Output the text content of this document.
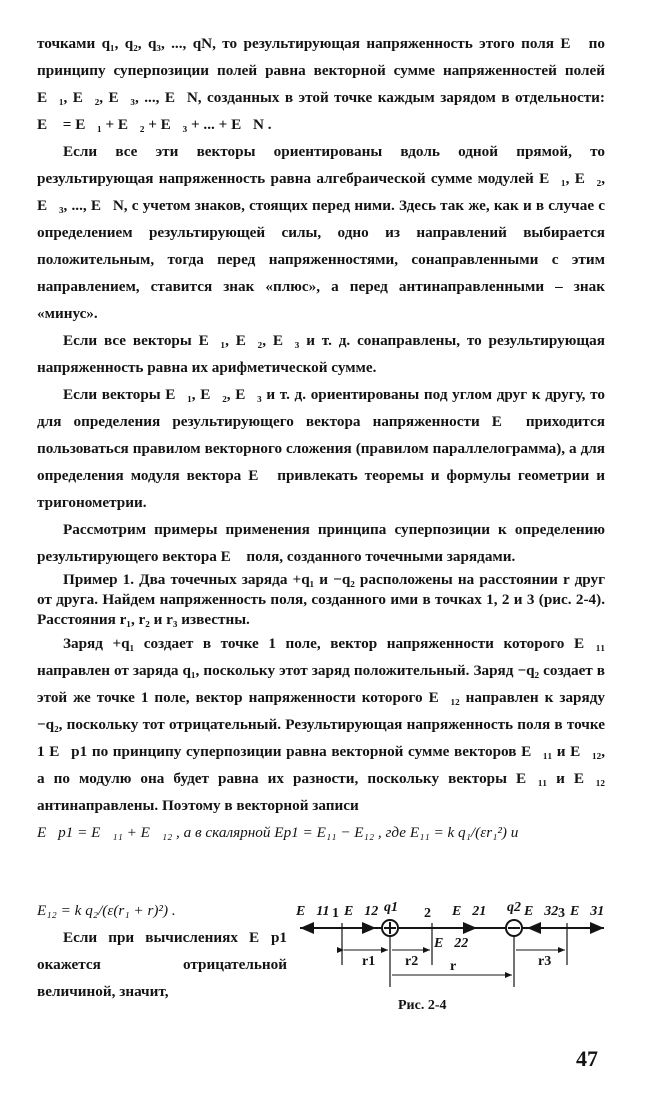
точками q₁, q₂, q₃, ..., qN, то результирующая напряженность этого поля E⃗ по принципу суперпозиции полей равна векторной сумме напряженностей полей E⃗₁, E⃗₂, E⃗₃, ..., E⃗N, созданных в этой точке каждым зарядом в отдельности: E⃗ = E⃗₁ + E⃗₂ + E⃗₃ + ... + E⃗N .

Если все эти векторы ориентированы вдоль одной прямой, то результирующая напряженность равна алгебраической сумме модулей E⃗₁, E⃗₂, E⃗₃, ..., E⃗N, с учетом знаков, стоящих перед ними. Здесь так же, как и в случае с определением результирующей силы, одно из направлений выбирается положительным, тогда перед напряженностями, сонаправленными с этим направлением, ставится знак «плюс», а перед антинаправленными – знак «минус».

Если все векторы E⃗₁, E⃗₂, E⃗₃ и т. д. сонаправлены, то результирующая напряженность равна их арифметической сумме.

Если векторы E⃗₁, E⃗₂, E⃗₃ и т. д. ориентированы под углом друг к другу, то для определения результирующего вектора напряженности E⃗ приходится пользоваться правилом векторного сложения (правилом параллелограмма), а для определения модуля вектора E⃗ привлекать теоремы и формулы геометрии и тригонометрии.

Рассмотрим примеры применения принципа суперпозиции к определению результирующего вектора E⃗ поля, созданного точечными зарядами.

Пример 1. Два точечных заряда +q₁ и −q₂ расположены на расстоянии r друг от друга. Найдем напряженность поля, созданного ими в точках 1, 2 и 3 (рис. 2-4). Расстояния r₁, r₂ и r₃ известны.

Заряд +q₁ создает в точке 1 поле, вектор напряженности которого E⃗₁₁ направлен от заряда q₁, поскольку этот заряд положительный. Заряд −q₂ создает в этой же точке 1 поле, вектор напряженности которого E⃗₁₂ направлен к заряду −q₂, поскольку тот отрицательный. Результирующая напряженность поля в точке 1 E⃗p1 по принципу суперпозиции равна векторной сумме векторов E⃗₁₁ и E⃗₁₂, а по модулю она будет равна их разности, поскольку векторы E⃗₁₁ и E⃗₁₂ антинаправлены. Поэтому в векторной записи

E⃗p1 = E⃗₁₁ + E⃗₁₂ , а в скалярной Ep1 = E₁₁ − E₁₂ , где E₁₁ = k q₁/(εr₁²) и

E₁₂ = k q₂/(ε(r₁ + r)²) .

Если при вычислениях E⃗p1 окажется отрицательной величиной, значит,

E⃗11 1 E⃗12 q1 2 E⃗21 q2 E⃗32 3 E⃗31
E⃗22
r1 r2	r3
r
Рис. 2-4
47
